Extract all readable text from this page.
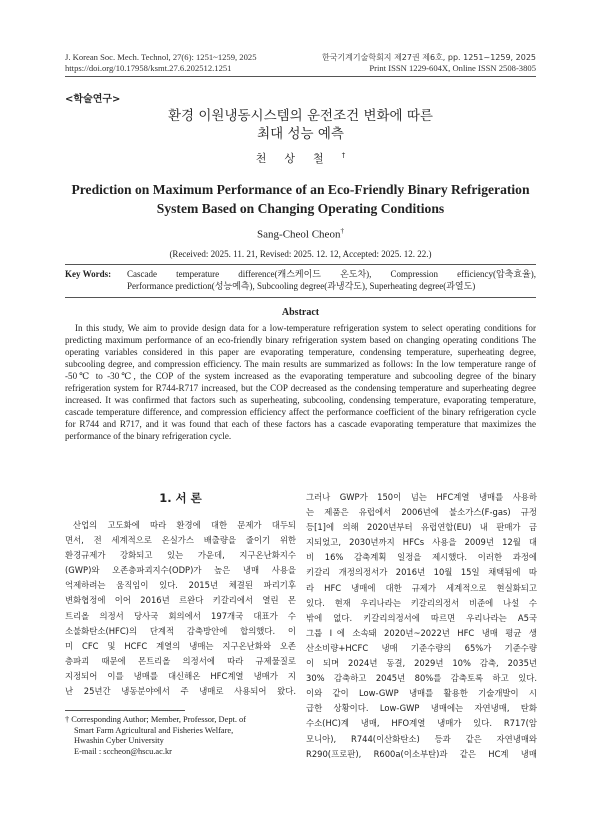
J. Korean Soc. Mech. Technol, 27(6): 1251~1259, 2025
https://doi.org/10.17958/ksmt.27.6.202512.1251
한국기계기술학회지 제27권 제6호, pp. 1251~1259, 2025
Print ISSN 1229-604X, Online ISSN 2508-3805
<학술연구>
환경 이원냉동시스템의 운전조건 변화에 따른
최대 성능 예측
천상철†
Prediction on Maximum Performance of an Eco-Friendly Binary Refrigeration
System Based on Changing Operating Conditions
Sang-Cheol Cheon†
(Received: 2025. 11. 21, Revised: 2025. 12. 12, Accepted: 2025. 12. 22.)
Key Words: Cascade temperature difference(캐스케이드 온도차), Compression efficiency(압축효율),
Performance prediction(성능예측), Subcooling degree(과냉각도), Superheating degree(과열도)
Abstract
In this study, We aim to provide design data for a low-temperature refrigeration system to select operating conditions for predicting maximum performance of an eco-friendly binary refrigeration system based on changing operating conditions The operating variables considered in this paper are evaporating temperature, condensing temperature, superheating degree, subcooling degree, and compression efficiency. The main results are summarized as follows: In the low temperature range of -50℃ to -30℃, the COP of the system increased as the evaporating temperature and subcooling degree of the binary refrigeration system for R744-R717 increased, but the COP decreased as the condensing temperature and superheating degree increased. It was confirmed that factors such as superheating, subcooling, condensing temperature, evaporating temperature, cascade temperature difference, and compression efficiency affect the performance coefficient of the binary refrigeration cycle for R744 and R717, and it was found that each of these factors has a cascade evaporating temperature that maximizes the performance of the binary refrigeration cycle.
1. 서 론
산업의 고도화에 따라 환경에 대한 문제가 대두되
면서, 전 세계적으로 온실가스 배출량을 줄이기 위한
환경규제가 강화되고 있는 가운데, 지구온난화지수
(GWP)와 오존층파괴지수(ODP)가 높은 냉매 사용을
억제하려는 움직임이 있다. 2015년 체결된 파리기후
변화협정에 이어 2016년 르완다 키갈리에서 열린 몬
트리올 의정서 당사국 회의에서 197개국 대표가 수
소불화탄소(HFC)의 단계적 감축방안에 합의했다. 이
미 CFC 및 HCFC 계열의 냉매는 지구온난화와 오존
층파괴 때문에 몬트리올 의정서에 따라 규제물질로
지정되어 이를 냉매를 대신해온 HFC계열 냉매가 지
난 25년간 냉동분야에서 주 냉매로 사용되어 왔다.
그러나 GWP가 150이 넘는 HFC계열 냉매를 사용하
는 제품은 유럽에서 2006년에 불소가스(F-gas) 규정
등[1]에 의해 2020년부터 유럽연합(EU) 내 판매가 금
지되었고, 2030년까지 HFCs 사용을 2009년 12월 대
비 16% 감축계획 일정을 제시했다. 이러한 과정에
키갈리 개정의정서가 2016년 10월 15일 채택됨에 따
라 HFC 냉매에 대한 규제가 세계적으로 현실화되고
있다. 현재 우리나라는 키갈리의정서 비준에 나설 수
밖에 없다. 키갈리의정서에 따르면 우리나라는 A5국
그룹 Ⅰ에 소속돼 2020년~2022년 HFC 냉매 평균 생
산소비량+HCFC 냉매 기준수량의 65%가 기준수량
이 되며 2024년 동결, 2029년 10% 감축, 2035년
30% 감축하고 2045년 80%를 감축토록 하고 있다.
이와 같이 Low-GWP 냉매를 활용한 기술개발이 시
급한 상황이다. Low-GWP 냉매에는 자연냉매, 탄화
수소(HC)계 냉매, HFO계열 냉매가 있다. R717(암
모니아), R744(이산화탄소) 등과 같은 자연냉매와
R290(프로판), R600a(이소부탄)과 같은 HC계 냉매
† Corresponding Author; Member, Professor, Dept. of
Smart Farm Agricultural and Fisheries Welfare,
Hwashin Cyber University
E-mail : sccheon@hscu.ac.kr
